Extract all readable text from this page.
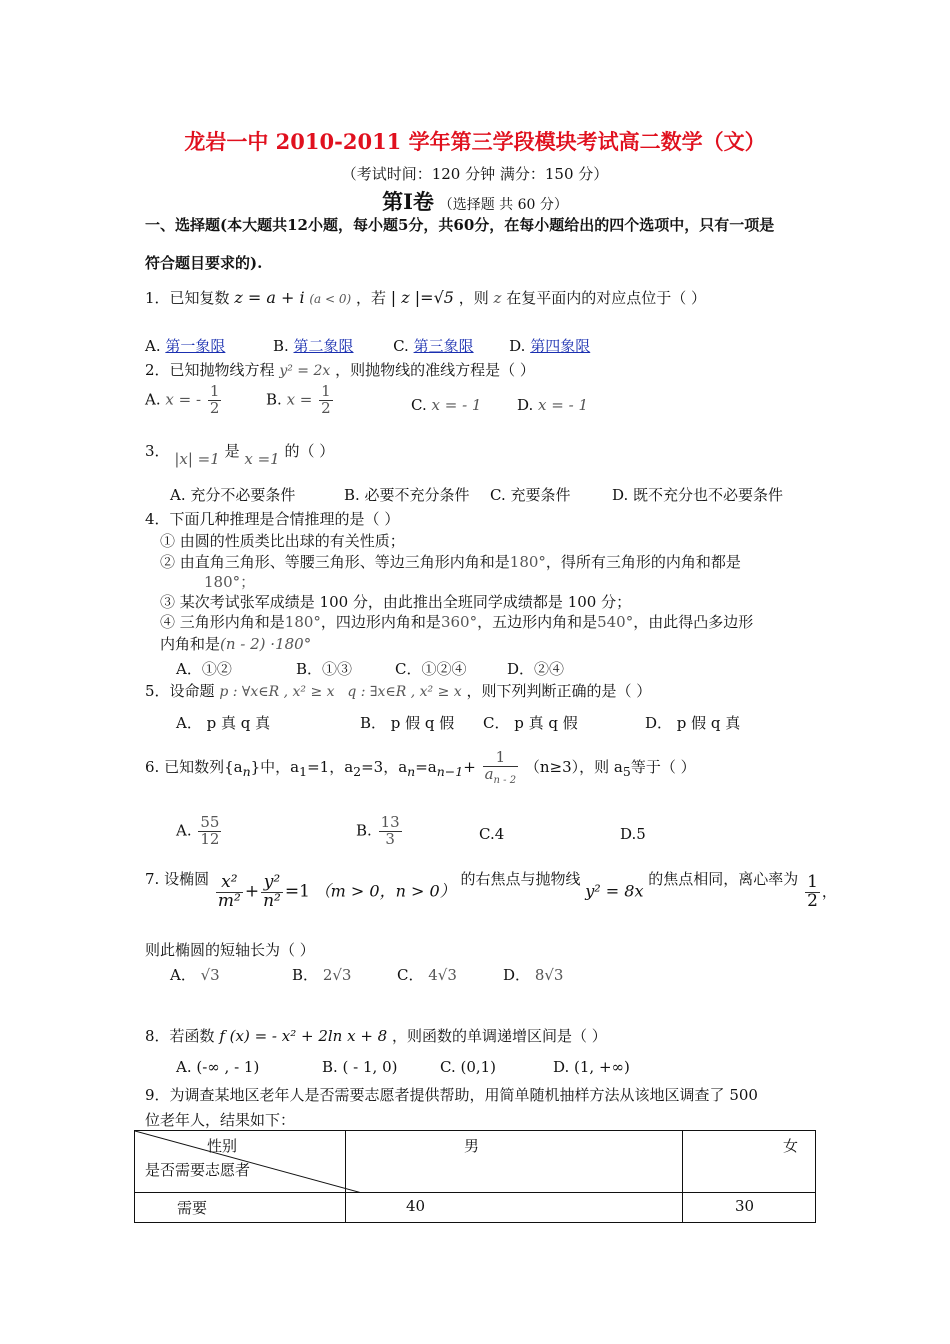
龙岩一中 2010-2011 学年第三学段模块考试高二数学（文）
（考试时间：120 分钟 满分：150 分）
第Ⅰ卷 （选择题 共 60 分）
一、选择题(本大题共12小题，每小题5分，共60分，在每小题给出的四个选项中，只有一项是
符合题目要求的).
1．已知复数 z = a + i (a < 0) ，若 | z |=√5 ，则 z 在复平面内的对应点位于（ ）
A. 第一象限	B. 第二象限	C. 第三象限 D. 第四象限
2．已知抛物线方程 y² = 2x ，则抛物线的准线方程是（ ）
A. x = - $\frac{1}{2}$	B. $x = \frac{1}{2}$	C. x = - 1 D. x = - 1
3． |x| =1 是 x =1 的（ ）
A. 充分不必要条件	B. 必要不充分条件 C. 充要条件	D. 既不充分也不必要条件
4．下面几种推理是合情推理的是（ ）
① 由圆的性质类比出球的有关性质；
② 由直角三角形、等腰三角形、等边三角形内角和是180°，得所有三角形的内角和都是
180°；
③ 某次考试张军成绩是 100 分，由此推出全班同学成绩都是 100 分；
④ 三角形内角和是180°，四边形内角和是360°，五边形内角和是540°，由此得凸多边形
内角和是(n - 2) ·180°
A．①②	B．①③	C．①②④	D．②④
5．设命题 p : ∀x∈R , x² ≥ x q : ∃x∈R , x² ≥ x ，则下列判断正确的是（ ）
A． p 真 q 真	B． p 假 q 假 C． p 真 q 假	D． p 假 q 真
6. 已知数列$\{a_n\}$中，$a_1=1$，$a_2=3$，$a_n=a_{n-1}+ \frac{1}{a_{n - 2}} (n\ge 3)$，则 $a_5$等于（ ）
A. $\frac{55}{12}$	B. $\frac{13}{3}$	C.4	D.5
7. 设椭圆 $\frac{\text{x²}}{\text{m²}} + \frac{\text{y²}}{\text{n²}} =1$ （m > 0，n > 0） 的右焦点与抛物线 y² = 8x 的焦点相同，离心率为 $\frac{1}{2}$ ，
则此椭圆的短轴长为（ ）
A． √3	B． 2√3	C． 4√3	D． 8√3
8．若函数 f (x) = - x² + 2ln x + 8 ，则函数的单调递增区间是（ ）
A. (-∞ , - 1)	B. ( - 1, 0)	C. (0,1)	D. (1, +∞)
9．为调查某地区老年人是否需要志愿者提供帮助，用简单随机抽样方法从该地区调查了 500
位老年人，结果如下：
性别
是否需要志愿者	男	女
需要	40	30
